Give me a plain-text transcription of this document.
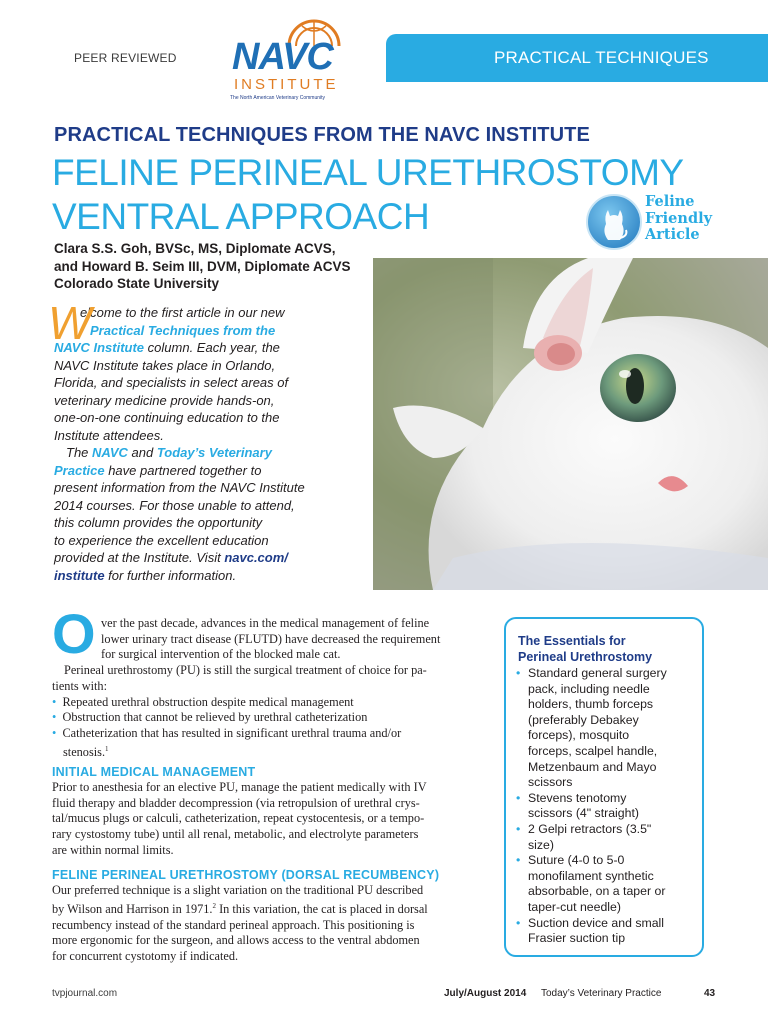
PEER REVIEWED NAVC
INSTITUTE
The North American Veterinary Community
PRACTICAL TECHNIQUES
PRACTICAL TECHNIQUES FROM THE NAVC INSTITUTE
FELINE PERINEAL URETHROSTOMY
VENTRAL APPROACH	Feline
Friendly
Article
Clara S.S. Goh, BVSc, MS, Diplomate ACVS,
and Howard B. Seim III, DVM, Diplomate ACVS
Colorado State University
W
elcome to the first article in our new
Practical Techniques from the
NAVC Institute column. Each year, the
NAVC Institute takes place in Orlando,
Florida, and specialists in select areas of
veterinary medicine provide hands-on,
one-on-one continuing education to the
Institute attendees.
The NAVC and Today’s Veterinary
Practice have partnered together to
present information from the NAVC Institute
2014 courses. For those unable to attend,
this column provides the opportunity
to experience the excellent education
provided at the Institute. Visit navc.com/
institute for further information.
O ver the past decade, advances in the medical management of feline
lower urinary tract disease (FLUTD) have decreased the requirement
for surgical intervention of the blocked male cat.
Perineal urethrostomy (PU) is still the surgical treatment of choice for pa-
tients with:
• Repeated urethral obstruction despite medical management
• Obstruction that cannot be relieved by urethral catheterization
• Catheterization that has resulted in significant urethral trauma and/or
stenosis.$^1$
INITIAL MEDICAL MANAGEMENT
Prior to anesthesia for an elective PU, manage the patient medically with IV
fluid therapy and bladder decompression (via retropulsion of urethral crys-
tal/mucus plugs or calculi, catheterization, repeat cystocentesis, or a tempo-
rary cystostomy tube) until all renal, metabolic, and electrolyte parameters
are within normal limits.
FELINE PERINEAL URETHROSTOMY (DORSAL RECUMBENCY)
Our preferred technique is a slight variation on the traditional PU described
by Wilson and Harrison in 1971.$^2$ In this variation, the cat is placed in dorsal
recumbency instead of the standard perineal approach. This positioning is
more ergonomic for the surgeon, and allows access to the ventral abdomen
for concurrent cystotomy if indicated.
The Essentials for
Perineal Urethrostomy
• Standard general surgery
pack, including needle
holders, thumb forceps
(preferably Debakey
forceps), mosquito
forceps, scalpel handle,
Metzenbaum and Mayo
scissors
• Stevens tenotomy
scissors (4" straight)
• 2 Gelpi retractors (3.5"
size)
• Suture (4-0 to 5-0
monofilament synthetic
absorbable, on a taper or
taper-cut needle)
• Suction device and small
Frasier suction tip
tvpjournal.com	July/August 2014 Today’s Veterinary Practice	43
